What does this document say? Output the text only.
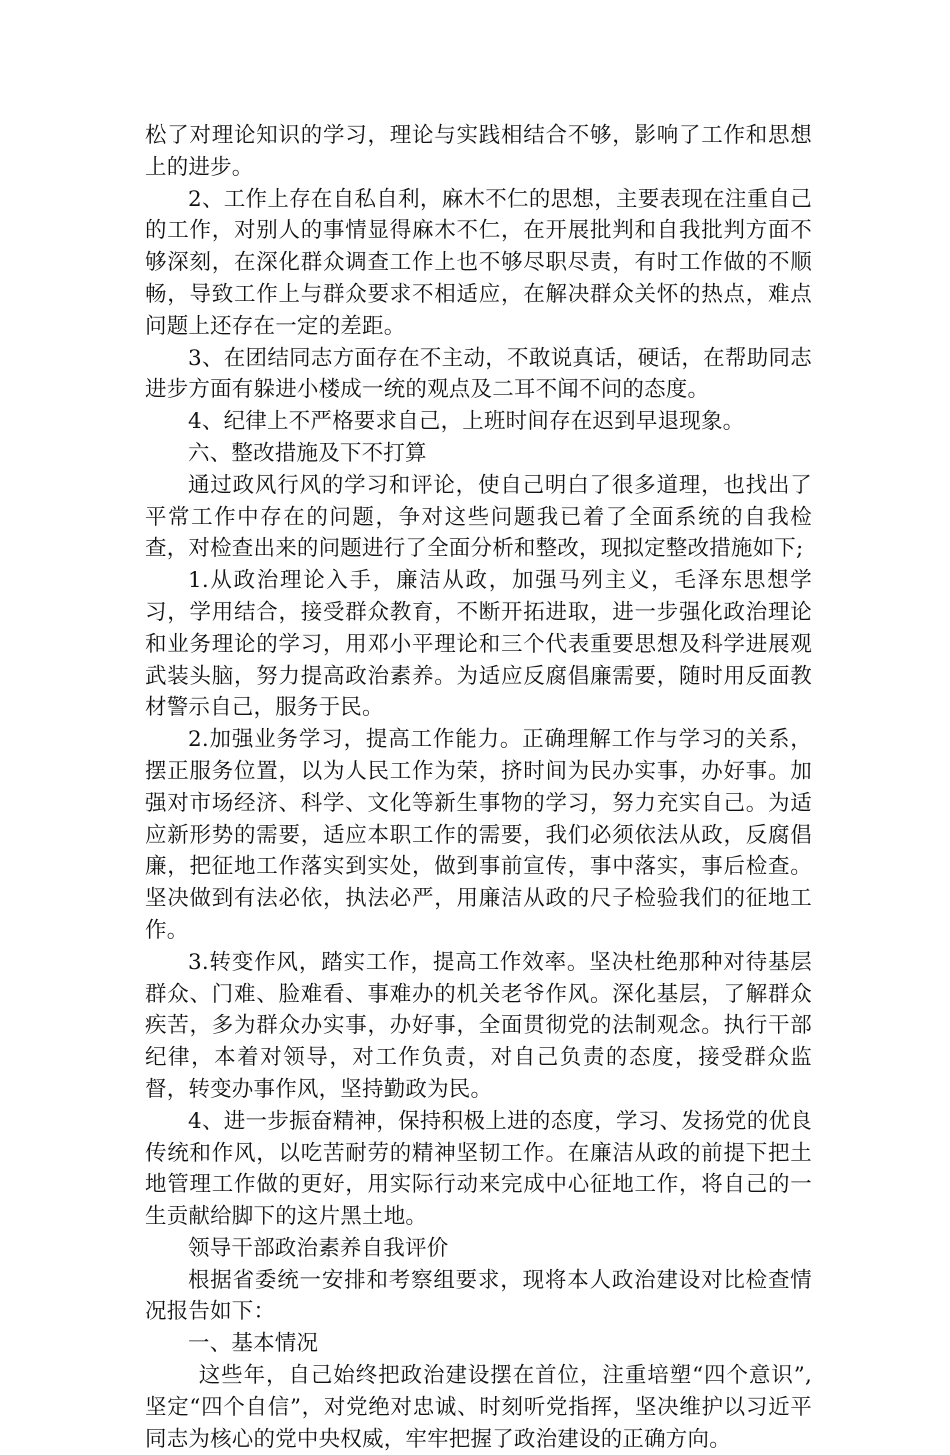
松了对理论知识的学习，理论与实践相结合不够，影响了工作和思想上的进步。

2、工作上存在自私自利，麻木不仁的思想，主要表现在注重自己的工作，对别人的事情显得麻木不仁，在开展批判和自我批判方面不够深刻，在深化群众调查工作上也不够尽职尽责，有时工作做的不顺畅，导致工作上与群众要求不相适应，在解决群众关怀的热点，难点问题上还存在一定的差距。

3、在团结同志方面存在不主动，不敢说真话，硬话，在帮助同志进步方面有躲进小楼成一统的观点及二耳不闻不问的态度。

4、纪律上不严格要求自己，上班时间存在迟到早退现象。

六、整改措施及下不打算

通过政风行风的学习和评论，使自己明白了很多道理，也找出了平常工作中存在的问题，争对这些问题我已着了全面系统的自我检查，对检查出来的问题进行了全面分析和整改，现拟定整改措施如下;

1.从政治理论入手，廉洁从政，加强马列主义，毛泽东思想学习，学用结合，接受群众教育，不断开拓进取，进一步强化政治理论和业务理论的学习，用邓小平理论和三个代表重要思想及科学进展观武装头脑，努力提高政治素养。为适应反腐倡廉需要，随时用反面教材警示自己，服务于民。

2.加强业务学习，提高工作能力。正确理解工作与学习的关系，摆正服务位置，以为人民工作为荣，挤时间为民办实事，办好事。加强对市场经济、科学、文化等新生事物的学习，努力充实自己。为适应新形势的需要，适应本职工作的需要，我们必须依法从政，反腐倡廉，把征地工作落实到实处，做到事前宣传，事中落实，事后检查。坚决做到有法必依，执法必严，用廉洁从政的尺子检验我们的征地工作。

3.转变作风，踏实工作，提高工作效率。坚决杜绝那种对待基层群众、门难、脸难看、事难办的机关老爷作风。深化基层，了解群众疾苦，多为群众办实事，办好事，全面贯彻党的法制观念。执行干部纪律，本着对领导，对工作负责，对自己负责的态度，接受群众监督，转变办事作风，坚持勤政为民。

4、进一步振奋精神，保持积极上进的态度，学习、发扬党的优良传统和作风，以吃苦耐劳的精神坚韧工作。在廉洁从政的前提下把土地管理工作做的更好，用实际行动来完成中心征地工作，将自己的一生贡献给脚下的这片黑土地。

领导干部政治素养自我评价

根据省委统一安排和考察组要求，现将本人政治建设对比检查情况报告如下：

一、基本情况

这些年，自己始终把政治建设摆在首位，注重培塑“四个意识”,坚定“四个自信”，对党绝对忠诚、时刻听党指挥，坚决维护以习近平同志为核心的党中央权威，牢牢把握了政治建设的正确方向。
